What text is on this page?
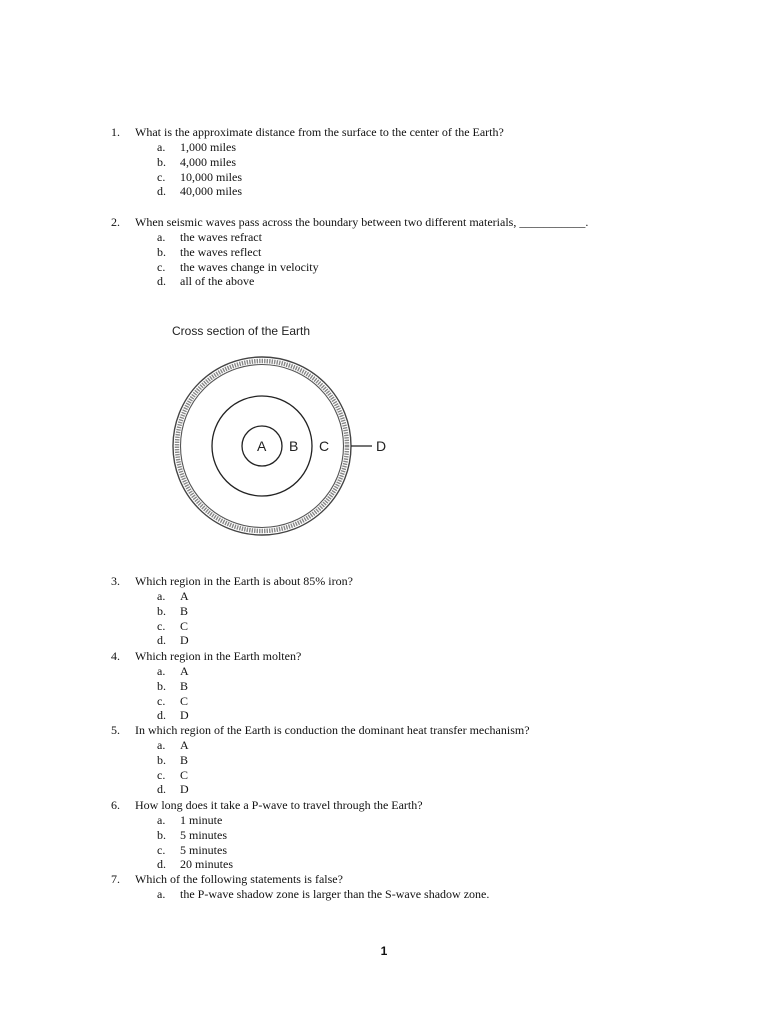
1.	What is the approximate distance from the surface to the center of the Earth?
a.	1,000 miles
b.	4,000 miles
c.	10,000 miles
d.	40,000 miles
2.	When seismic waves pass across the boundary between two different materials, ___________.
a.	the waves refract
b.	the waves reflect
c.	the waves change in velocity
d.	all of the above
Cross section of the Earth
A B C	D
3.	Which region in the Earth is about 85% iron?
a.	A
b.	B
c.	C
d.	D
4.	Which region in the Earth molten?
a.	A
b.	B
c.	C
d.	D
5.	In which region of the Earth is conduction the dominant heat transfer mechanism?
a.	A
b.	B
c.	C
d.	D
6.	How long does it take a P-wave to travel through the Earth?
a.	1 minute
b.	5 minutes
c.	5 minutes
d.	20 minutes
7.	Which of the following statements is false?
a.	the P-wave shadow zone is larger than the S-wave shadow zone.
1
